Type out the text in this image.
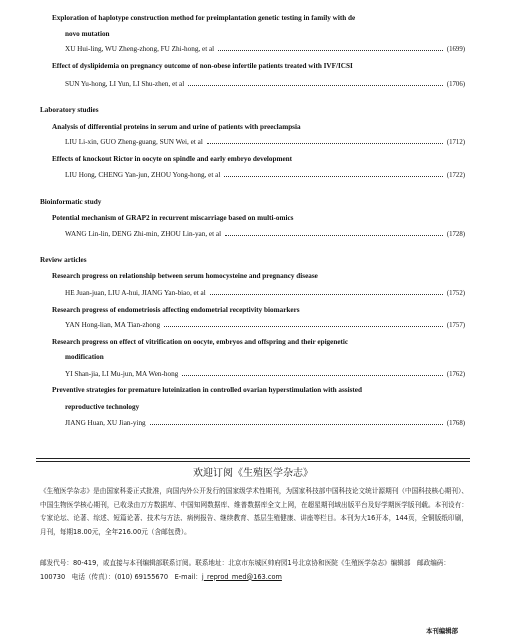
Exploration of haplotype construction method for preimplantation genetic testing in family with de
novo mutation
XU Hui-ling, WU Zheng-zhong, FU Zhi-hong, et al	(1699)
Effect of dyslipidemia on pregnancy outcome of non-obese infertile patients treated with IVF/ICSI
SUN Yu-hong, LI Yun, LI Shu-zhen, et al	(1706)
Laboratory studies
Analysis of differential proteins in serum and urine of patients with preeclampsia
LIU Li-xin, GUO Zheng-guang, SUN Wei, et al	(1712)
Effects of knockout Rictor in oocyte on spindle and early embryo development
LIU Hong, CHENG Yan-jun, ZHOU Yong-hong, et al	(1722)
Bioinformatic study
Potential mechanism of GRAP2 in recurrent miscarriage based on multi-omics
WANG Lin-lin, DENG Zhi-min, ZHOU Lin-yan, et al	(1728)
Review articles
Research progress on relationship between serum homocysteine and pregnancy disease
HE Juan-juan, LIU A-hui, JIANG Yan-biao, et al	(1752)
Research progress of endometriosis affecting endometrial receptivity biomarkers
YAN Hong-lian, MA Tian-zhong	(1757)
Research progress on effect of vitrification on oocyte, embryos and offspring and their epigenetic
modification
YI Shan-jia, LI Mu-jun, MA Wen-hong	(1762)
Preventive strategies for premature luteinization in controlled ovarian hyperstimulation with assisted
reproductive technology
JIANG Huan, XU Jian-ying	(1768)
欢迎订阅《生殖医学杂志》
《生殖医学杂志》是由国家科委正式批准，向国内外公开发行的国家级学术性期刊，为国家科技部中国科技论文统计源期刊（中国科技核心期刊）、中国生物医学核心期刊，已收录由万方数据库、中国知网数据库、维普数据库全文上网，在超星期刊域出版平台及好学期医学版刊载。本刊设有：专家论坛、论著、综述、短篇论著、技术与方法、病例报告、继续教育、基层生殖健康、讲座等栏目。本刊为大16开本，144页，全铜版纸印刷，月刊，每期18.00元，全年216.00元（含邮包费）。
邮发代号：80-419，或直接与本刊编辑部联系订阅。联系地址：北京市东城区帅府园1号北京协和医院《生殖医学杂志》编辑部　邮政编码：100730　电话（传真）：(010) 69155670　E-mail：j_reprod_med@163.com
本刊编辑部
